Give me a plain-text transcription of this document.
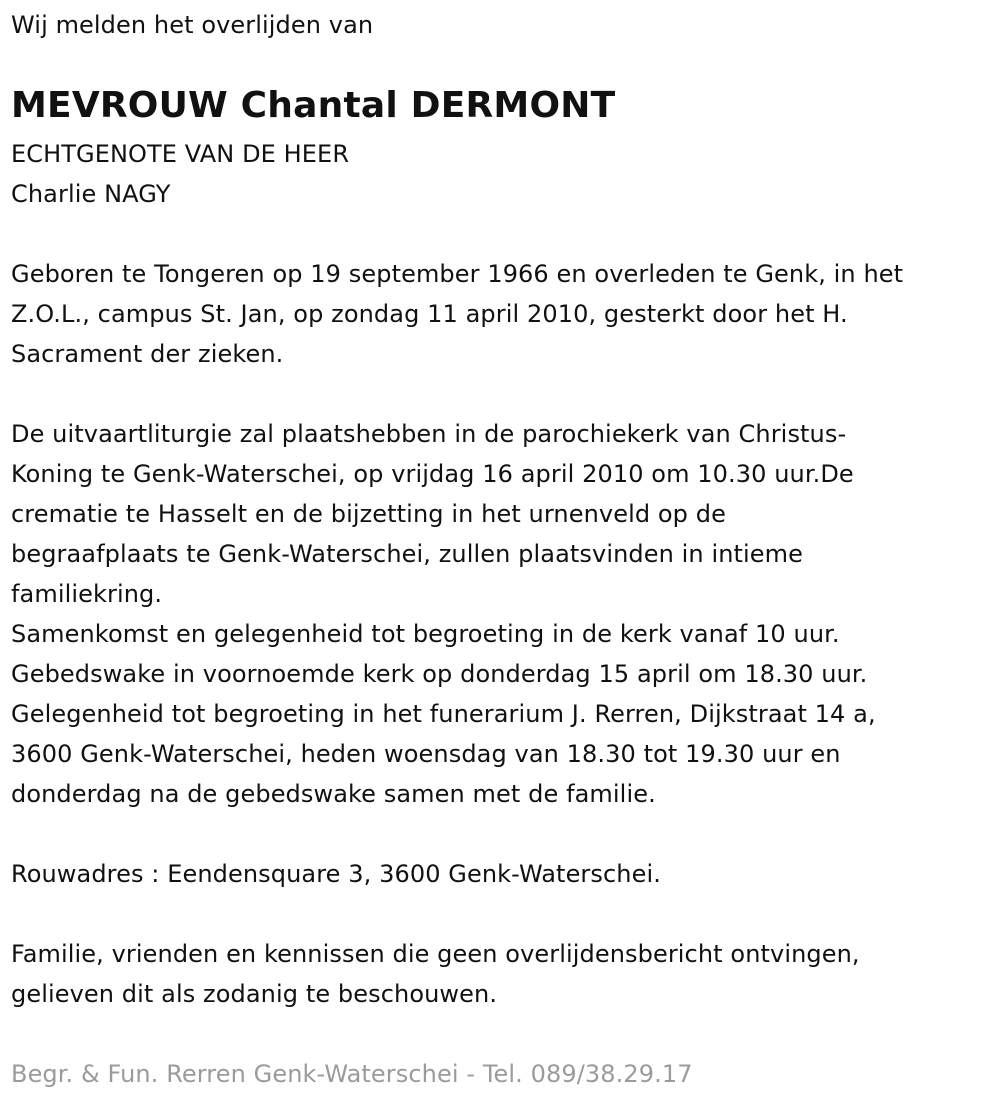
Wij melden het overlijden van
MEVROUW Chantal DERMONT
ECHTGENOTE VAN DE HEER
Charlie NAGY
Geboren te Tongeren op 19 september 1966 en overleden te Genk, in het
Z.O.L., campus St. Jan, op zondag 11 april 2010, gesterkt door het H.
Sacrament der zieken.
De uitvaartliturgie zal plaatshebben in de parochiekerk van Christus-
Koning te Genk-Waterschei, op vrijdag 16 april 2010 om 10.30 uur.De
crematie te Hasselt en de bijzetting in het urnenveld op de
begraafplaats te Genk-Waterschei, zullen plaatsvinden in intieme
familiekring.
Samenkomst en gelegenheid tot begroeting in de kerk vanaf 10 uur.
Gebedswake in voornoemde kerk op donderdag 15 april om 18.30 uur.
Gelegenheid tot begroeting in het funerarium J. Rerren, Dijkstraat 14 a,
3600 Genk-Waterschei, heden woensdag van 18.30 tot 19.30 uur en
donderdag na de gebedswake samen met de familie.
Rouwadres : Eendensquare 3, 3600 Genk-Waterschei.
Familie, vrienden en kennissen die geen overlijdensbericht ontvingen,
gelieven dit als zodanig te beschouwen.
Begr. & Fun. Rerren Genk-Waterschei - Tel. 089/38.29.17
